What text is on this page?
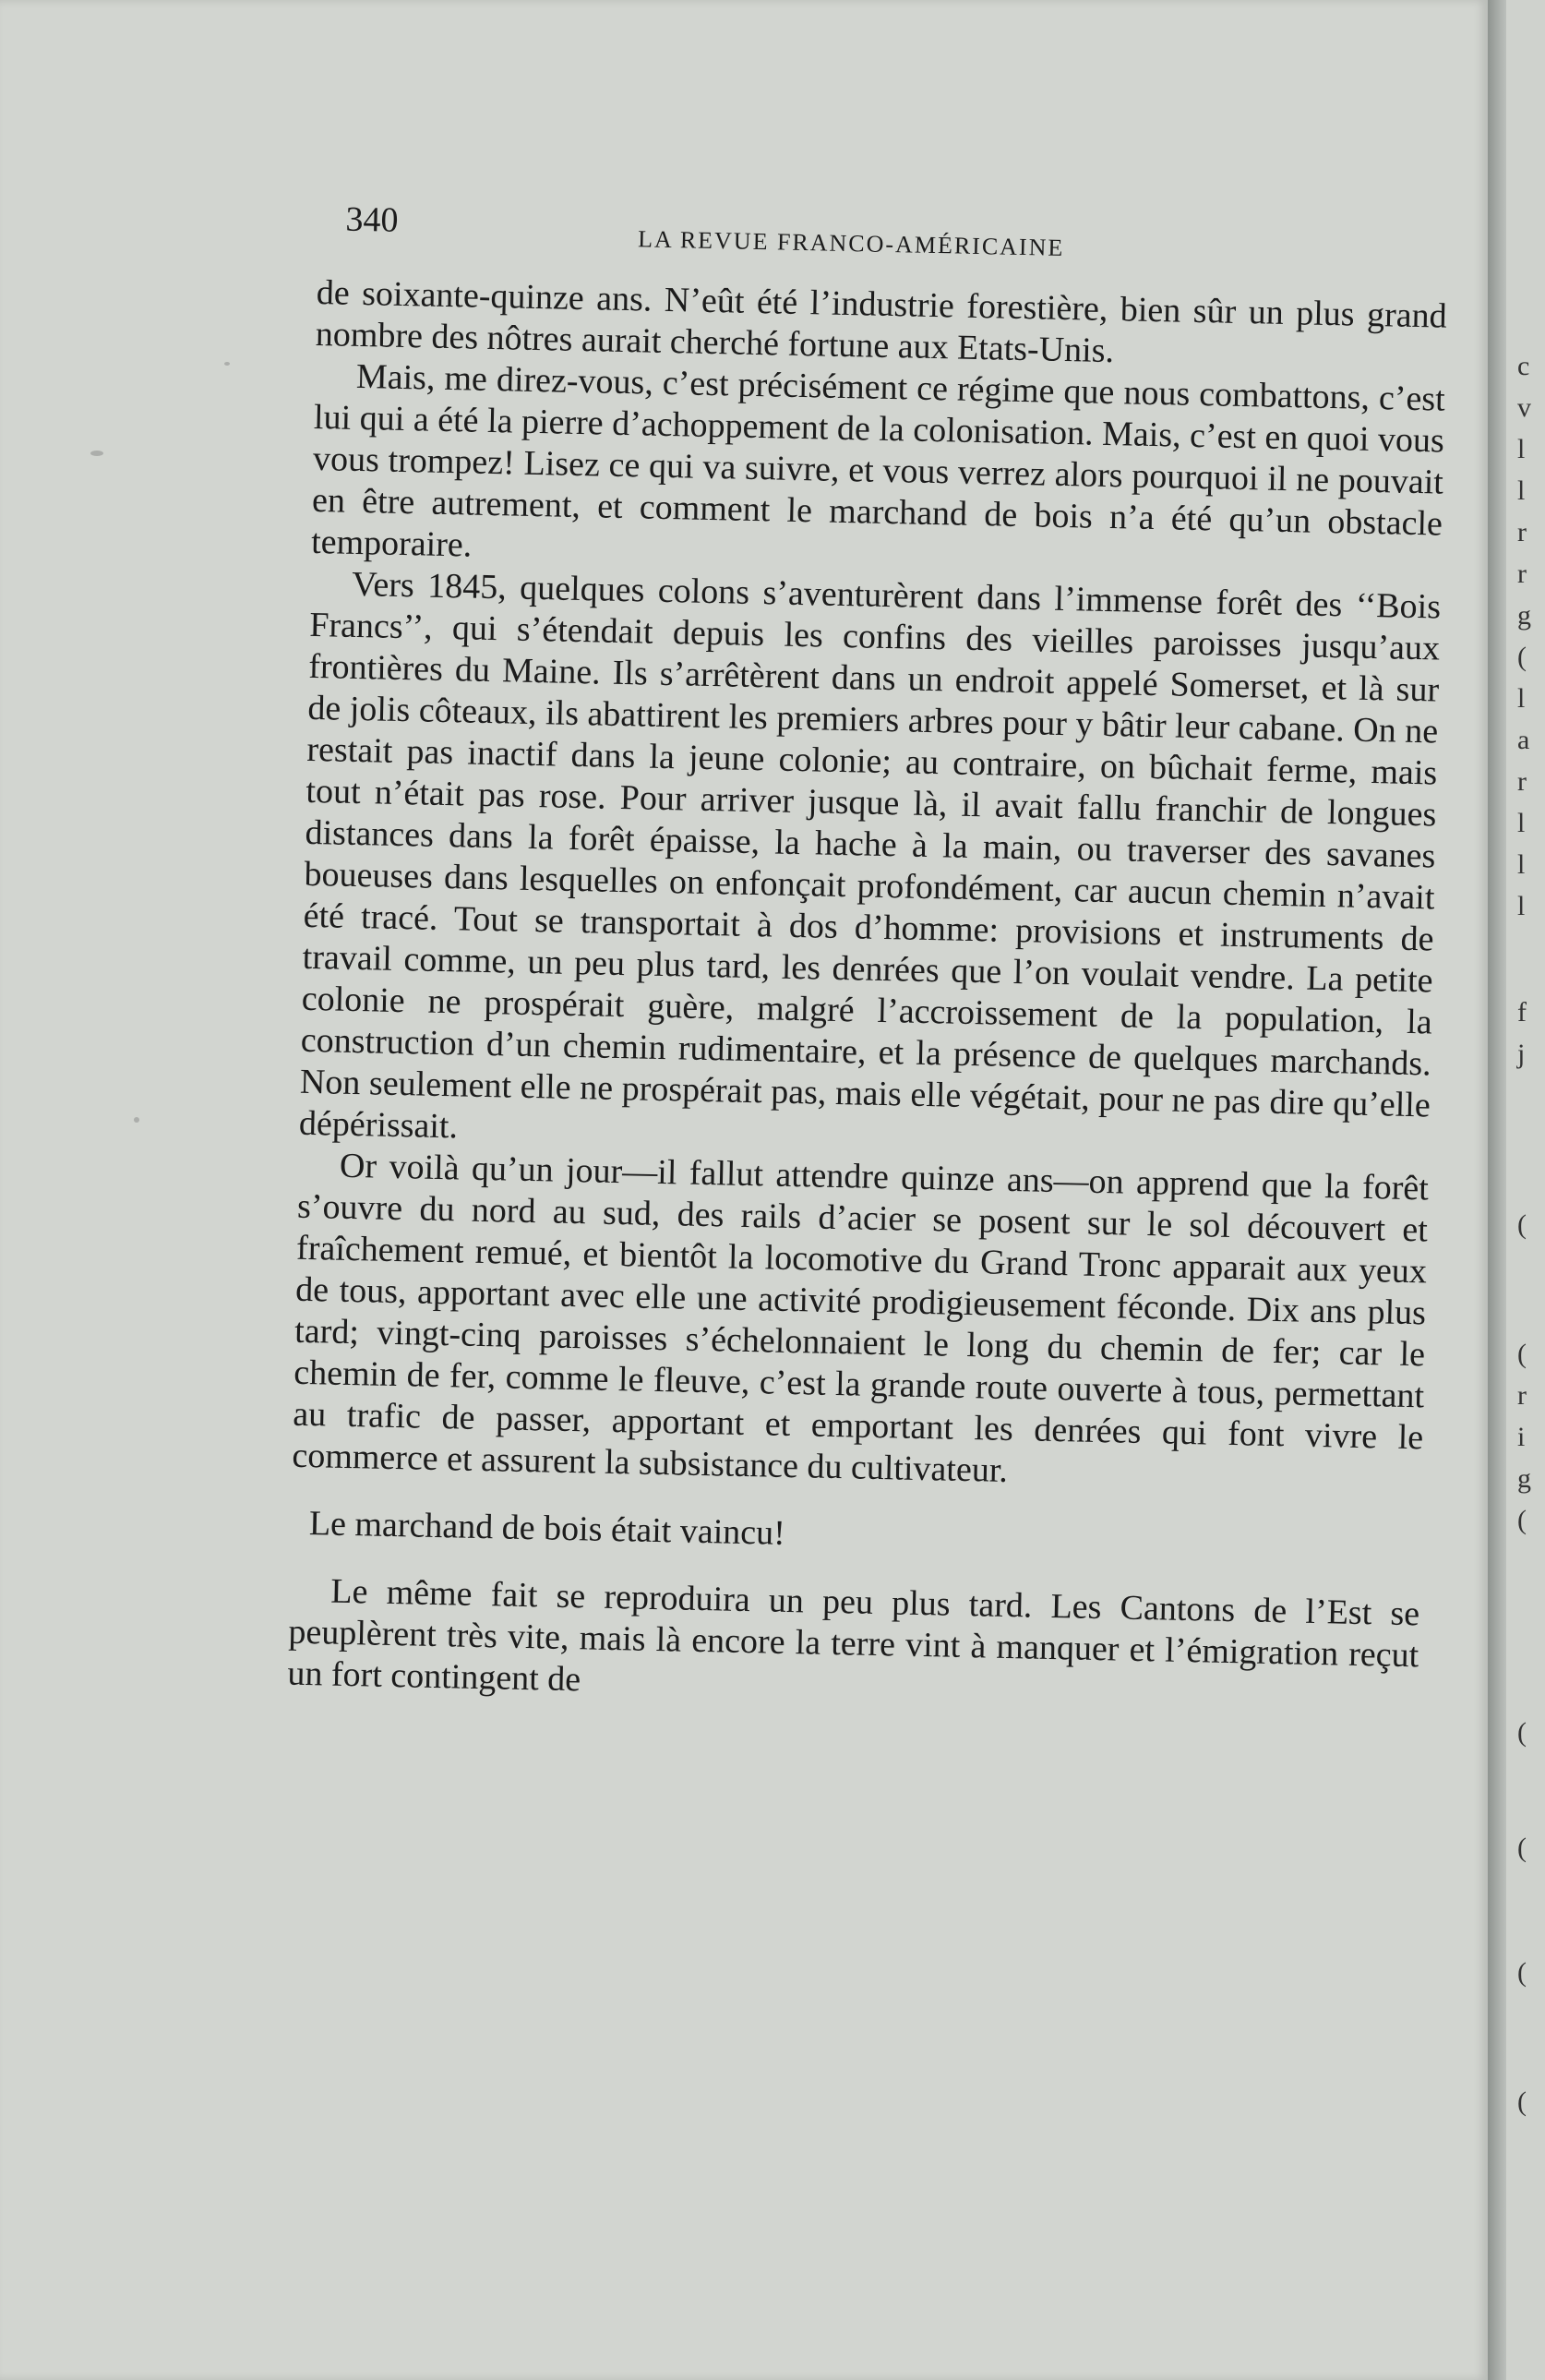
340
LA REVUE FRANCO-AMÉRICAINE

de soixante-quinze ans. N’eût été l’industrie forestière, bien sûr un plus grand nombre des nôtres aurait cherché fortune aux Etats-Unis.

Mais, me direz-vous, c’est précisément ce régime que nous combattons, c’est lui qui a été la pierre d’achoppement de la colonisation. Mais, c’est en quoi vous vous trompez! Lisez ce qui va suivre, et vous verrez alors pourquoi il ne pouvait en être autrement, et comment le marchand de bois n’a été qu’un obstacle temporaire.

Vers 1845, quelques colons s’aventurèrent dans l’immense forêt des ‘‘Bois Francs’’, qui s’étendait depuis les confins des vieilles paroisses jusqu’aux frontières du Maine. Ils s’arrêtèrent dans un endroit appelé Somerset, et là sur de jolis côteaux, ils abattirent les premiers arbres pour y bâtir leur cabane. On ne restait pas inactif dans la jeune colonie; au contraire, on bûchait ferme, mais tout n’était pas rose. Pour arriver jusque là, il avait fallu franchir de longues distances dans la forêt épaisse, la hache à la main, ou traverser des savanes boueuses dans lesquelles on enfonçait profondément, car aucun chemin n’avait été tracé. Tout se transportait à dos d’homme: provisions et instruments de travail comme, un peu plus tard, les denrées que l’on voulait vendre. La petite colonie ne prospérait guère, malgré l’accroissement de la population, la construction d’un chemin rudimentaire, et la présence de quelques marchands. Non seulement elle ne prospérait pas, mais elle végétait, pour ne pas dire qu’elle dépérissait.

Or voilà qu’un jour—il fallut attendre quinze ans—on apprend que la forêt s’ouvre du nord au sud, des rails d’acier se posent sur le sol découvert et fraîchement remué, et bientôt la locomotive du Grand Tronc apparait aux yeux de tous, apportant avec elle une activité prodigieusement féconde. Dix ans plus tard; vingt-cinq paroisses s’échelonnaient le long du chemin de fer; car le chemin de fer, comme le fleuve, c’est la grande route ouverte à tous, permettant au trafic de passer, apportant et emportant les denrées qui font vivre le commerce et assurent la subsistance du cultivateur.

Le marchand de bois était vaincu!

Le même fait se reproduira un peu plus tard. Les Cantons de l’Est se peuplèrent très vite, mais là encore la terre vint à manquer et l’émigration reçut un fort contingent de

c
v
l
l
r
r
g
(
l
a
r
l
l
l
f
j
(
(
r
i
g
(
(
(
(
(
